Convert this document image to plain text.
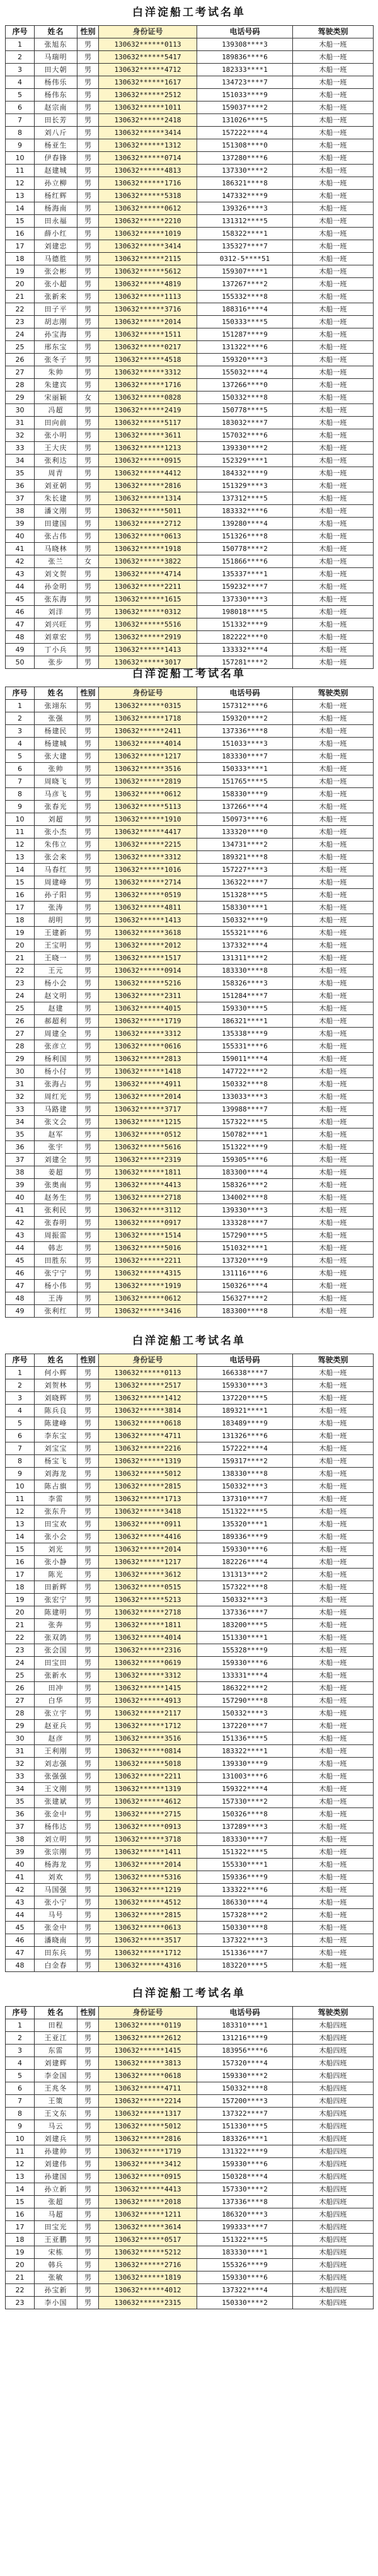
白洋淀船工考试名单
序号	姓名	性别	身份证号	电话号码	驾驶类别
1	张旭东	男	130632******0113	139308****3	木船一班
2	马瑞明	男	130632******5417	189836****6	木船一班
3	田大朝	男	130632******4712	182333****1	木船一班
4	杨伟乐	男	130632******1617	134723****7	木船一班
5	杨伟东	男	130632******2512	151033****9	木船一班
6	赵宗南	男	130632******1011	159037****2	木船一班
7	田长芳	男	130632******2418	131026****5	木船一班
8	刘八斤	男	130632******3414	157222****4	木船一班
9	杨亚生	男	130632******1312	151308****0	木船一班
10	伊春锋	男	130632******0714	137280****6	木船一班
11	赵建城	男	130632******4813	137330****2	木船一班
12	孙立柳	男	130632******1716	186321****8	木船一班
13	杨红辉	男	130632******5318	147332****9	木船一班
14	杨海南	男	130632******0612	139326****3	木船一班
15	田永福	男	130632******2210	131312****5	木船一班
16	薛小红	男	130632******1019	158322****1	木船一班
17	刘建忠	男	130632******3414	135327****7	木船一班
18	马德胜	男	130632******2115	0312-5****51	木船一班
19	张会彬	男	130632******5612	159307****1	木船一班
20	张小超	男	130632******4819	137267****2	木船一班
21	张新来	男	130632******1113	155332****8	木船一班
22	田子平	男	130632******3716	188316****4	木船一班
23	胡志刚	男	130632******2014	150333****5	木船一班
24	孙宝海	男	130632******1511	151287****9	木船一班
25	邢东宝	男	130632******0217	131322****6	木船一班
26	张冬子	男	130632******4518	159320****3	木船一班
27	朱帅	男	130632******3312	155032****4	木船一班
28	朱建宾	男	130632******1716	137266****0	木船一班
29	宋丽颖	女	130632******0828	150332****8	木船一班
30	冯超	男	130632******2419	150778****5	木船一班
31	田向前	男	130632******5117	183032****7	木船一班
32	张小明	男	130632******3611	157032****6	木船一班
33	王大庆	男	130632******1213	139330****2	木船一班
34	张利达	男	130632******0915	152329****1	木船一班
35	周青	男	130632******4412	184332****9	木船一班
36	刘亚朝	男	130632******2816	151329****3	木船一班
37	朱长建	男	130632******1314	137312****5	木船一班
38	潘文刚	男	130632******5011	183332****6	木船一班
39	田建国	男	130632******2712	139280****4	木船一班
40	张占伟	男	130632******0613	151326****8	木船一班
41	马晓林	男	130632******1918	150778****2	木船一班
42	张兰	女	130632******3822	151866****6	木船一班
43	刘文贺	男	130632******4714	135337****1	木船一班
44	孙金明	男	130632******2211	159232****7	木船一班
45	张东海	男	130632******1615	137330****3	木船一班
46	刘洋	男	130632******0312	198018****5	木船一班
47	刘兴旺	男	130632******5516	151332****9	木船一班
48	刘章宏	男	130632******2919	182222****0	木船一班
49	丁小兵	男	130632******1413	133332****4	木船一班
50	张步	男	130632******3017	157281****2	木船一班
白洋淀船工考试名单
序号	姓名	性别	身份证号	电话号码	驾驶类别
1	张翊东	男	130632******0315	157312****6	木船一班
2	张强	男	130632******1718	159320****2	木船一班
3	杨建民	男	130632******2411	137336****8	木船一班
4	杨建城	男	130632******4014	151033****3	木船一班
5	张大建	男	130632******1217	183330****7	木船一班
6	张帅	男	130632******3516	150333****1	木船一班
7	周晓飞	男	130632******2819	151765****5	木船一班
8	马彦飞	男	130632******0612	158330****9	木船一班
9	张春光	男	130632******5113	137266****4	木船一班
10	刘超	男	130632******1910	150973****6	木船一班
11	张小杰	男	130632******4417	133320****0	木船一班
12	朱伟立	男	130632******2215	134731****2	木船一班
13	张会来	男	130632******3312	189321****8	木船一班
14	马春红	男	130632******1016	157227****3	木船一班
15	周建峰	男	130632******2714	136322****7	木船一班
16	孙子阳	男	130632******0519	151328****5	木船一班
17	张涛	男	130632******4811	158330****1	木船一班
18	胡明	男	130632******1413	150332****9	木船一班
19	王建新	男	130632******3618	155321****6	木船一班
20	王宝明	男	130632******2012	137332****4	木船一班
21	王晓一	男	130632******1517	131311****2	木船一班
22	王元	男	130632******0914	183330****8	木船一班
23	杨小会	男	130632******5216	158326****3	木船一班
24	赵文明	男	130632******2311	151284****7	木船一班
25	赵建	男	130632******4015	159330****5	木船一班
26	郝超利	男	130632******1719	186321****1	木船一班
27	周建全	男	130632******3312	135338****9	木船一班
28	张彦立	男	130632******0616	155331****6	木船一班
29	杨利国	男	130632******2813	159011****4	木船一班
30	杨小付	男	130632******1418	147722****2	木船一班
31	张海占	男	130632******4911	150332****8	木船一班
32	周红光	男	130632******2014	133033****3	木船一班
33	马路建	男	130632******3717	139988****7	木船一班
34	张文会	男	130632******1215	157322****5	木船一班
35	赵军	男	130632******0512	150782****1	木船一班
36	张宇	男	130632******5616	151322****9	木船一班
37	刘建全	男	130632******2319	159305****6	木船一班
38	姜超	男	130632******1811	183300****4	木船一班
39	张奥南	男	130632******4413	158326****2	木船一班
40	赵务生	男	130632******2718	134002****8	木船一班
41	张利民	男	130632******3112	139330****3	木船一班
42	张春明	男	130632******0917	133328****7	木船一班
43	周振雷	男	130632******1514	157290****5	木船一班
44	韩志	男	130632******5016	151032****1	木船一班
45	田胜东	男	130632******2211	137320****9	木船一班
46	张宁宁	男	130632******4315	131116****6	木船一班
47	杨小伟	男	130632******1919	150326****4	木船一班
48	王涛	男	130632******0612	156327****2	木船一班
49	张利红	男	130632******3416	183300****8	木船一班
白洋淀船工考试名单
序号	姓名	性别	身份证号	电话号码	驾驶类别
1	何小辉	男	130632******0113	166338****7	木船一班
2	刘贺林	男	130632******2517	159330****3	木船一班
3	刘晓辉	男	130632******1412	137220****5	木船一班
4	陈兵良	男	130632******3814	189321****1	木船一班
5	陈建峰	男	130632******0618	183489****9	木船一班
6	李东宝	男	130632******4711	131326****6	木船一班
7	刘宝宝	男	130632******2216	157222****4	木船一班
8	杨宝飞	男	130632******1319	159317****2	木船一班
9	刘海龙	男	130632******5012	138330****8	木船一班
10	陈占旗	男	130632******2815	150332****3	木船一班
11	李雷	男	130632******1713	137310****7	木船一班
12	张东升	男	130632******3418	151322****5	木船一班
13	田宝欢	男	130632******0911	135320****1	木船一班
14	张小会	男	130632******4416	189336****9	木船一班
15	刘光	男	130632******2014	159330****6	木船一班
16	张小静	男	130632******1217	182226****4	木船一班
17	陈光	男	130632******3612	131313****2	木船一班
18	田新辉	男	130632******0515	157322****8	木船一班
19	张宏宁	男	130632******5213	150332****3	木船一班
20	陈建明	男	130632******2718	137336****7	木船一班
21	张奔	男	130632******1811	183200****5	木船一班
22	张双鸽	男	130632******4014	151330****1	木船一班
23	张会国	男	130632******2316	155328****9	木船一班
24	田宝田	男	130632******0619	159330****6	木船一班
25	张新水	男	130632******3312	133331****4	木船一班
26	田冲	男	130632******1415	186322****2	木船一班
27	白华	男	130632******4913	157290****8	木船一班
28	张立宇	男	130632******2117	150332****3	木船一班
29	赵亚兵	男	130632******1712	137220****7	木船一班
30	赵彦	男	130632******3516	151336****5	木船一班
31	王利刚	男	130632******0814	183322****1	木船一班
32	刘志强	男	130632******5018	139330****9	木船一班
33	张强强	男	130632******2211	131003****6	木船一班
34	王文刚	男	130632******1319	159322****4	木船一班
35	张建斌	男	130632******4612	157330****2	木船一班
36	张金中	男	130632******2715	150326****8	木船一班
37	杨伟达	男	130632******0913	137289****3	木船一班
38	刘立明	男	130632******3718	183330****7	木船一班
39	张宗刚	男	130632******1411	151322****5	木船一班
40	杨海龙	男	130632******2014	155330****1	木船一班
41	刘欢	男	130632******5316	159336****9	木船一班
42	马国强	男	130632******1219	133322****6	木船一班
43	张小宁	男	130632******4512	186330****4	木船一班
44	马号	男	130632******2815	157328****2	木船一班
45	张金中	男	130632******0613	150330****8	木船一班
46	潘晓南	男	130632******3517	137322****3	木船一班
47	田东兵	男	130632******1712	151336****7	木船一班
48	白金春	男	130632******4316	183220****5	木船一班
白洋淀船工考试名单
序号	姓名	性别	身份证号	电话号码	驾驶类别
1	田程	男	130632******0119	183310****1	木船四班
2	王亚江	男	130632******2612	131216****9	木船四班
3	东雷	男	130632******1415	183956****6	木船四班
4	刘建辉	男	130632******3813	157320****4	木船四班
5	李金国	男	130632******0618	159330****2	木船四班
6	王兆冬	男	130632******4711	150332****8	木船四班
7	王策	男	130632******2214	157200****3	木船四班
8	王文东	男	130632******1317	137322****7	木船四班
9	马云	男	130632******5012	151330****5	木船四班
10	刘建兵	男	130632******2816	183326****1	木船四班
11	孙建帅	男	130632******1719	131322****9	木船四班
12	刘建伟	男	130632******3412	159330****6	木船四班
13	孙建国	男	130632******0915	150328****4	木船四班
14	孙立新	男	130632******4413	157330****2	木船四班
15	张超	男	130632******2018	137336****8	木船四班
16	马超	男	130632******1211	186320****3	木船四班
17	田宝光	男	130632******3614	199333****7	木船四班
18	王亚鹏	男	130632******0517	151322****5	木船四班
19	宋栋	男	130632******5212	183330****1	木船四班
20	韩兵	男	130632******2716	155326****9	木船四班
21	张敏	男	130632******1819	159330****6	木船四班
22	孙宝新	男	130632******4012	137322****4	木船四班
23	李小国	男	130632******2315	150330****2	木船四班
